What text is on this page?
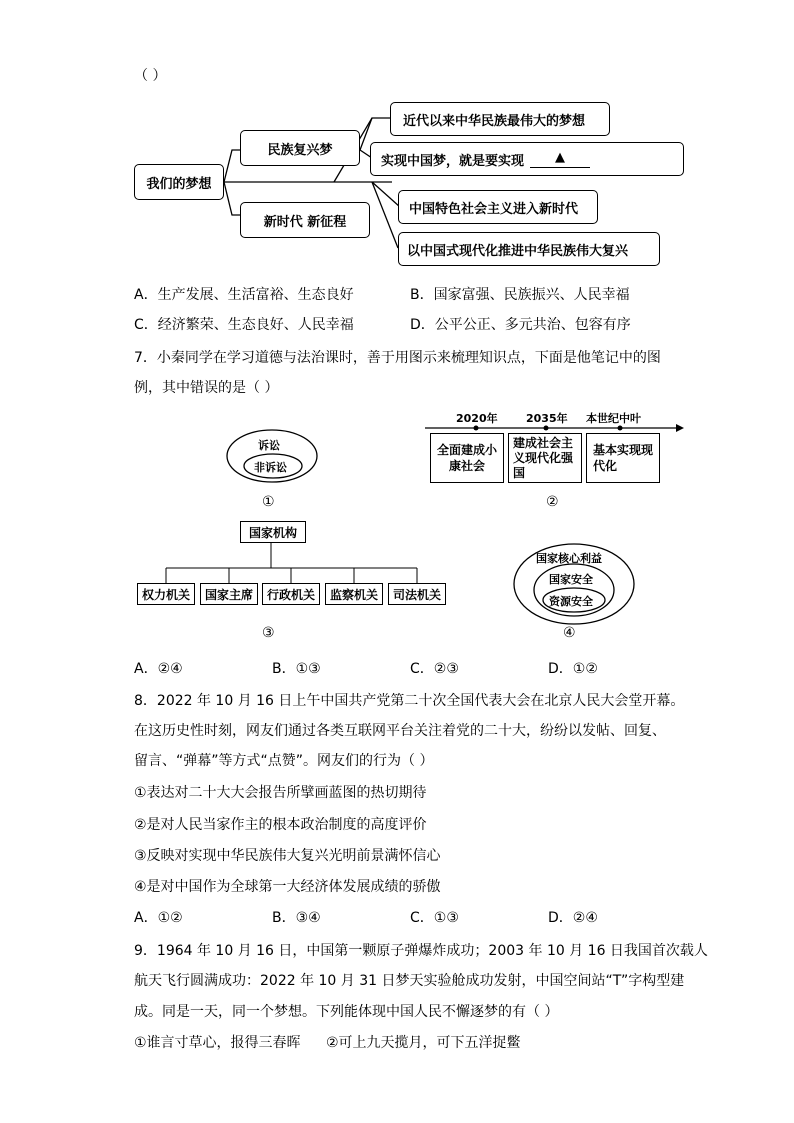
（ ）
我们的梦想
民族复兴梦
新时代 新征程
近代以来中华民族最伟大的梦想
实现中国梦，就是要实现	▲
中国特色社会主义进入新时代
以中国式现代化推进中华民族伟大复兴
A．生产发展、生活富裕、生态良好	B．国家富强、民族振兴、人民幸福
C．经济繁荣、生态良好、人民幸福	D．公平公正、多元共治、包容有序
7．小秦同学在学习道德与法治课时，善于用图示来梳理知识点，下面是他笔记中的图
例，其中错误的是（ ）
诉讼
非诉讼
①
2020年	2035年 本世纪中叶
全面建成小康社会
建成社会主义现代化强国
基本实现现代化
②
国家机构
权力机关 国家主席 行政机关 监察机关 司法机关
③
国家核心利益
国家安全
资源安全
④
A．②④	B．①③	C．②③	D．①②
8．2022 年 10 月 16 日上午中国共产党第二十次全国代表大会在北京人民大会堂开幕。
在这历史性时刻，网友们通过各类互联网平台关注着党的二十大，纷纷以发帖、回复、
留言、“弹幕”等方式“点赞”。网友们的行为（ ）
①表达对二十大大会报告所擘画蓝图的热切期待
②是对人民当家作主的根本政治制度的高度评价
③反映对实现中华民族伟大复兴光明前景满怀信心
④是对中国作为全球第一大经济体发展成绩的骄傲
A．①②	B．③④	C．①③	D．②④
9．1964 年 10 月 16 日，中国第一颗原子弹爆炸成功；2003 年 10 月 16 日我国首次载人
航天飞行圆满成功：2022 年 10 月 31 日梦天实验舱成功发射，中国空间站“T”字构型建
成。同是一天，同一个梦想。下列能体现中国人民不懈逐梦的有（ ）
①谁言寸草心，报得三春晖 ②可上九天揽月，可下五洋捉鳖
